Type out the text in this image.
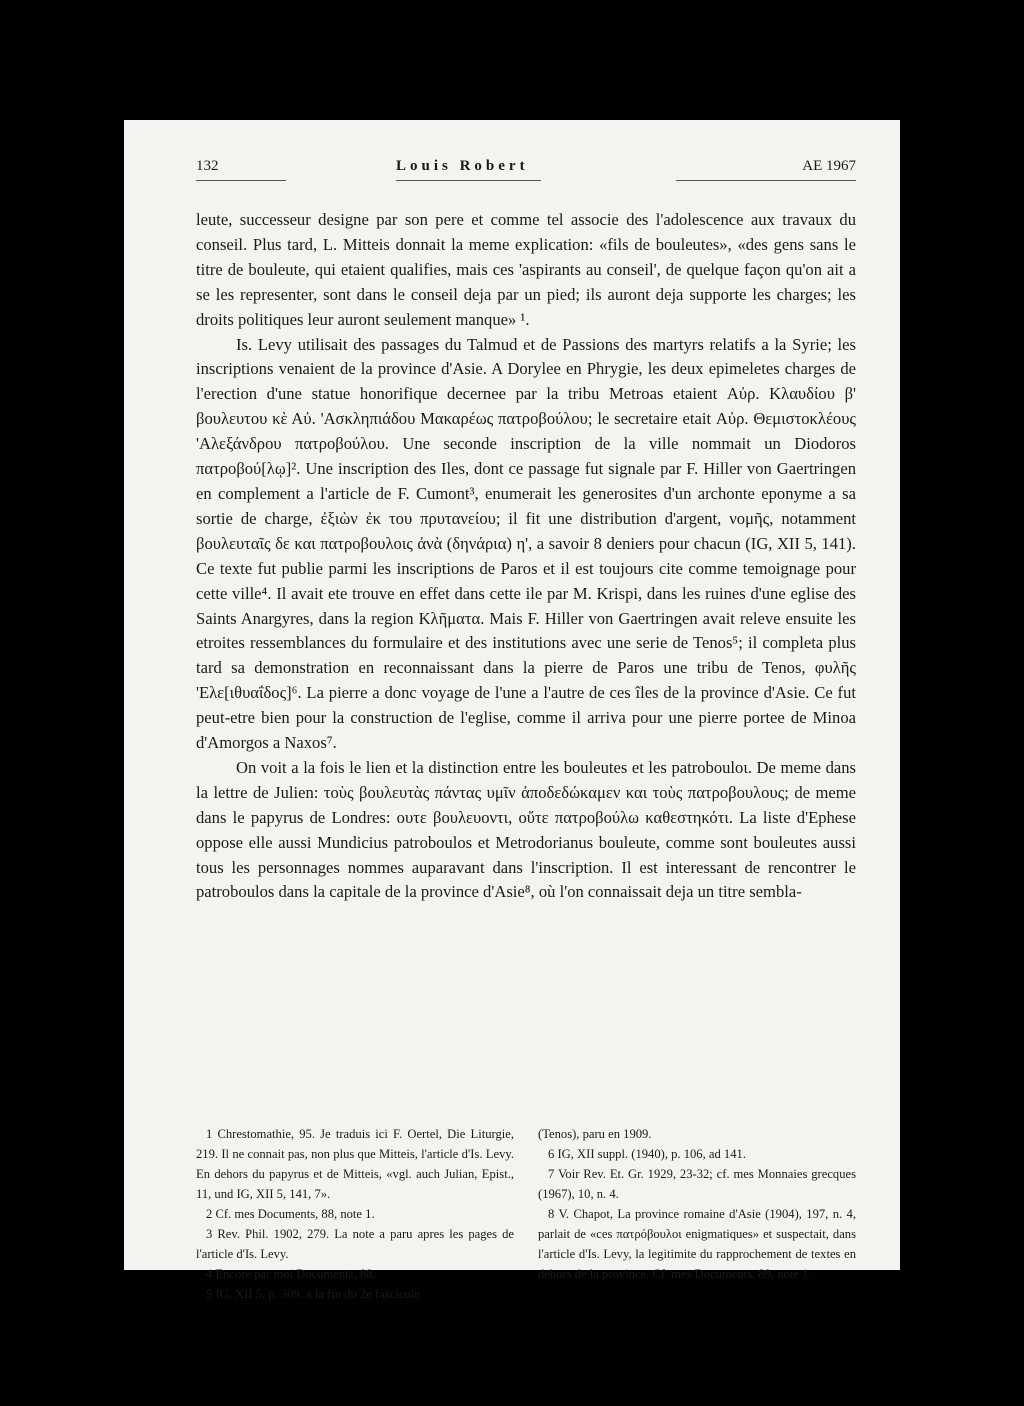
132	Louis Robert	AE 1967

leute, successeur designe par son pere et comme tel associe des l'adolescence aux travaux du conseil. Plus tard, L. Mitteis donnait la meme explication: «fils de bouleutes», «des gens sans le titre de bouleute, qui etaient qualifies, mais ces 'aspirants au conseil', de quelque façon qu'on ait a se les representer, sont dans le conseil deja par un pied; ils auront deja supporte les charges; les droits politiques leur auront seulement manque» ¹.

Is. Levy utilisait des passages du Talmud et de Passions des martyrs relatifs a la Syrie; les inscriptions venaient de la province d'Asie. A Dorylee en Phrygie, les deux epimeletes charges de l'erection d'une statue honorifique decernee par la tribu Metroas etaient Αὐρ. Κλαυδίου β' βουλευτου κὲ Αὐ. 'Ασκληπιάδου Μακαρέως πατροβούλου; le secretaire etait Αὐρ. Θεμιστοκλέους 'Αλεξάνδρου πατροβούλου. Une seconde inscription de la ville nommait un Diodoros πατροβού[λῳ]². Une inscription des Iles, dont ce passage fut signale par F. Hiller von Gaertringen en complement a l'article de F. Cumont³, enumerait les generosites d'un archonte eponyme a sa sortie de charge, ἐξιὼν ἐκ του πρυτανείου; il fit une distribution d'argent, νομῆς, notamment βουλευταῖς δε και πατροβουλοις ἀνὰ (δηνάρια) η', a savoir 8 deniers pour chacun (IG, XII 5, 141). Ce texte fut publie parmi les inscriptions de Paros et il est toujours cite comme temoignage pour cette ville⁴. Il avait ete trouve en effet dans cette ile par M. Krispi, dans les ruines d'une eglise des Saints Anargyres, dans la region Κλῆματα. Mais F. Hiller von Gaertringen avait releve ensuite les etroites ressemblances du formulaire et des institutions avec une serie de Tenos⁵; il completa plus tard sa demonstration en reconnaissant dans la pierre de Paros une tribu de Tenos, φυλῆς 'Ελε[ιθυαΐδος]⁶. La pierre a donc voyage de l'une a l'autre de ces îles de la province d'Asie. Ce fut peut-etre bien pour la construction de l'eglise, comme il arriva pour une pierre portee de Minoa d'Amorgos a Naxos⁷.

On voit a la fois le lien et la distinction entre les bouleutes et les patroboulοι. De meme dans la lettre de Julien: τοὺς βουλευτὰς πάντας υμῖν ἀποδεδώκαμεν και τοὺς πατροβουλους; de meme dans le papyrus de Londres: ουτε βουλευοντι, οὔτε πατροβούλω καθεστηκότι. La liste d'Ephese oppose elle aussi Mundicius patroboulos et Metrodorianus bouleute, comme sont bouleutes aussi tous les personnages nommes auparavant dans l'inscription. Il est interessant de rencontrer le patroboulos dans la capitale de la province d'Asie⁸, où l'on connaissait deja un titre sembla-

1 Chrestomathie, 95. Je traduis ici F. Oertel, Die Liturgie, 219. Il ne connait pas, non plus que Mitteis, l'article d'Is. Levy. En dehors du papyrus et de Mitteis, «vgl. auch Julian, Epist., 11, und IG, XII 5, 141, 7».

2 Cf. mes Documents, 88, note 1.

3 Rev. Phil. 1902, 279. La note a paru apres les pages de l'article d'Is. Levy.

4 Encore par moi Documents, 88.

5 IG, XII 5, p. 309, a la fin du 2e fascicule

(Tenos), paru en 1909.

6 IG, XII suppl. (1940), p. 106, ad 141.

7 Voir Rev. Et. Gr. 1929, 23-32; cf. mes Monnaies grecques (1967), 10, n. 4.

8 V. Chapot, La province romaine d'Asie (1904), 197, n. 4, parlait de «ces πατρόβουλοι enigmatiques» et suspectait, dans l'article d'Is. Levy, la legitimite du rapprochement de textes en dehors de la province. Cf. mes Documents, 89, note 1.
